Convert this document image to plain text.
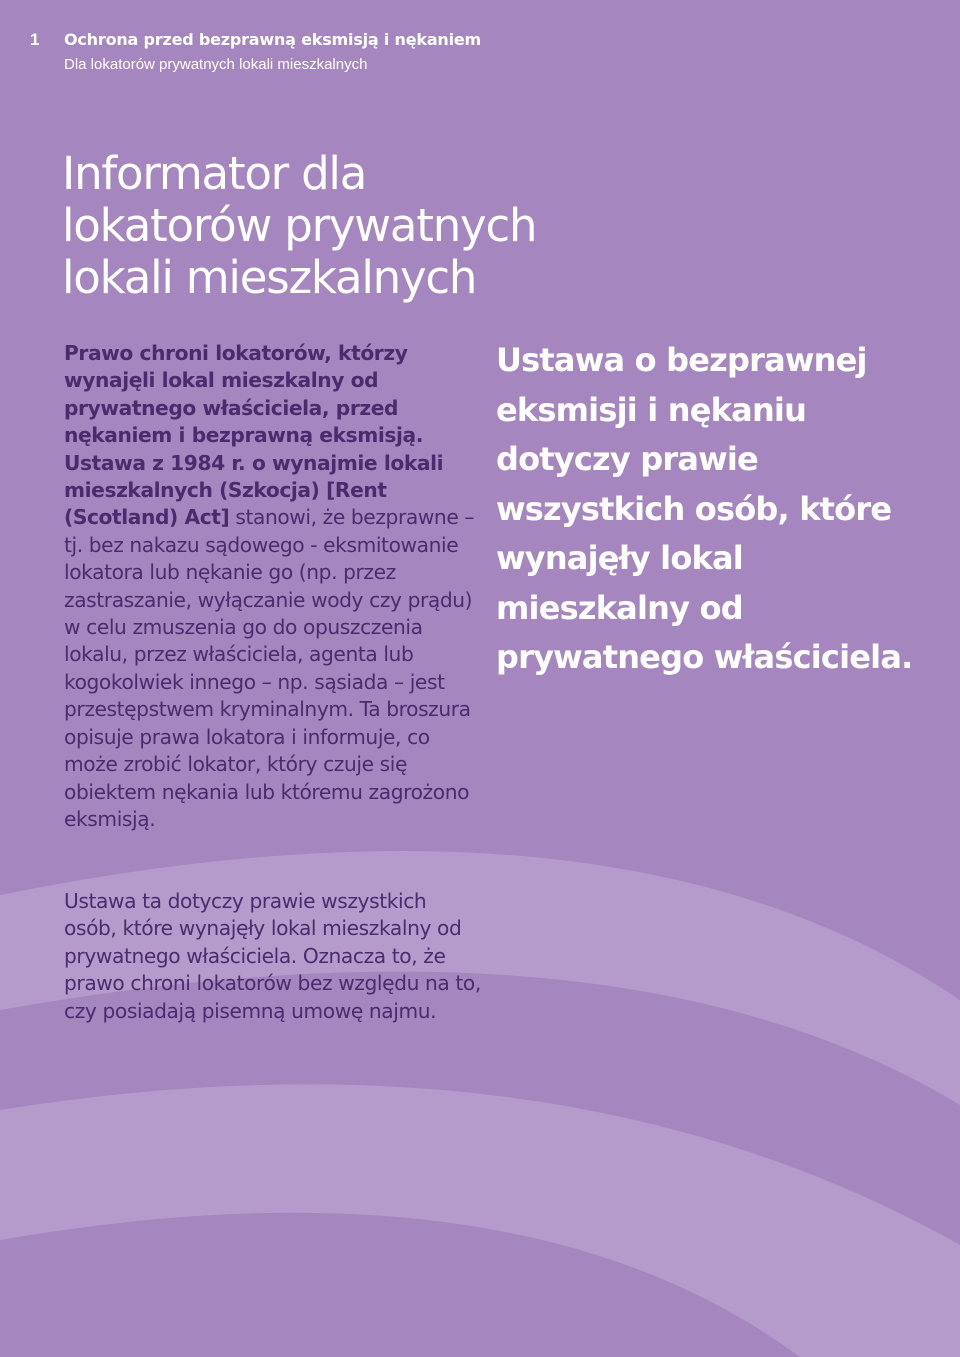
1 Ochrona przed bezprawną eksmisją i nękaniem
Dla lokatorów prywatnych lokali mieszkalnych
Informator dla
lokatorów prywatnych
lokali mieszkalnych

Prawo chroni lokatorów, którzy wynajęli lokal mieszkalny od prywatnego właściciela, przed nękaniem i bezprawną eksmisją. Ustawa z 1984 r. o wynajmie lokali mieszkalnych (Szkocja) [Rent (Scotland) Act] stanowi, że bezprawne – tj. bez nakazu sądowego - eksmitowanie lokatora lub nękanie go (np. przez zastraszanie, wyłączanie wody czy prądu) w celu zmuszenia go do opuszczenia lokalu, przez właściciela, agenta lub kogokolwiek innego – np. sąsiada – jest przestępstwem kryminalnym. Ta broszura opisuje prawa lokatora i informuje, co może zrobić lokator, który czuje się obiektem nękania lub któremu zagrożono eksmisją.

Ustawa ta dotyczy prawie wszystkich osób, które wynajęły lokal mieszkalny od prywatnego właściciela. Oznacza to, że prawo chroni lokatorów bez względu na to, czy posiadają pisemną umowę najmu.

Ustawa o bezprawnej eksmisji i nękaniu dotyczy prawie wszystkich osób, które wynajęły lokal mieszkalny od prywatnego właściciela.
